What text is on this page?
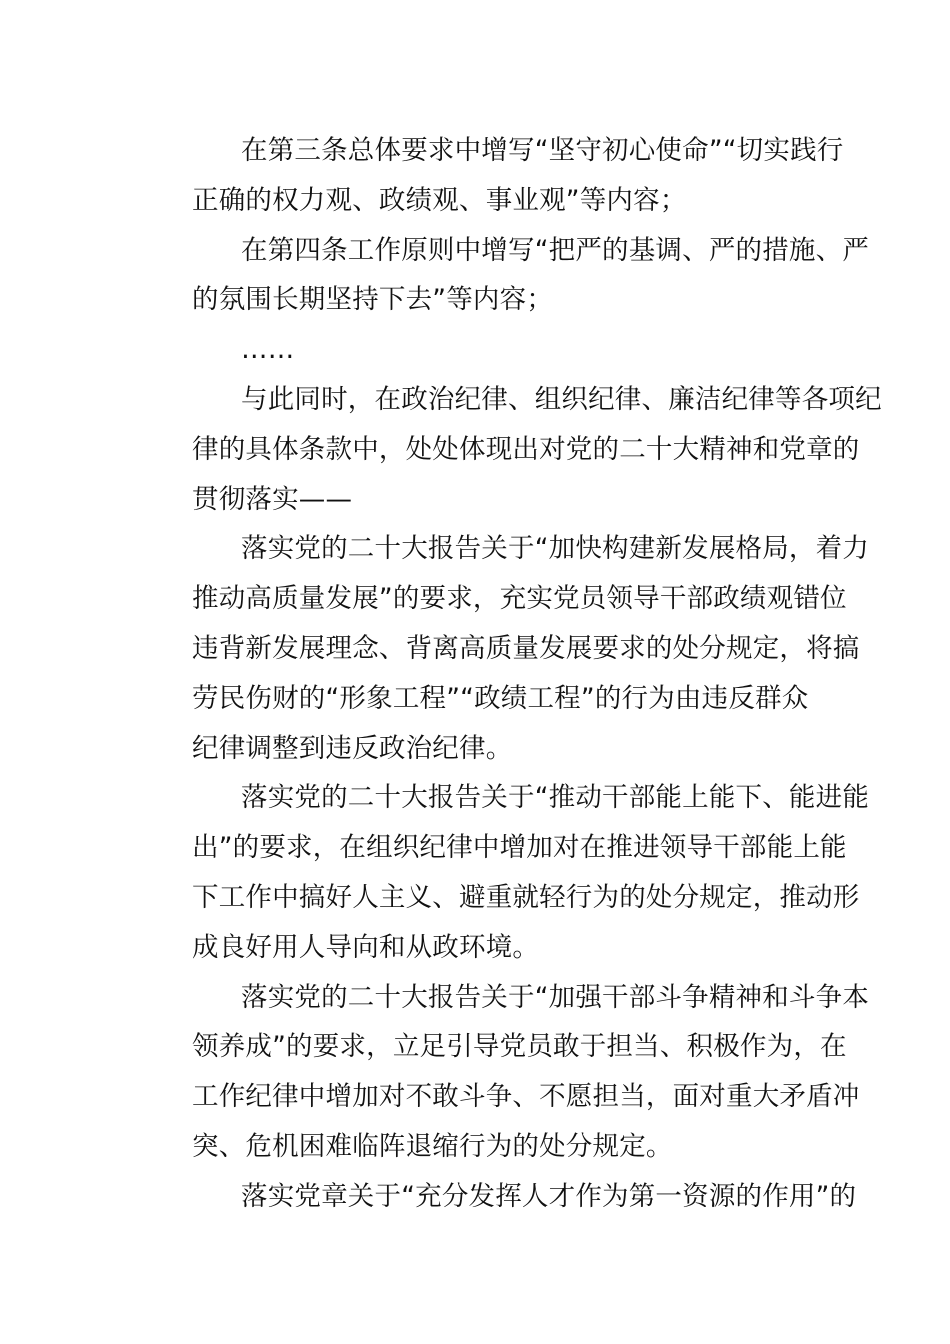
在第三条总体要求中增写“坚守初心使命”“切实践行
正确的权力观、政绩观、事业观”等内容；

在第四条工作原则中增写“把严的基调、严的措施、严
的氛围长期坚持下去”等内容；

……

与此同时，在政治纪律、组织纪律、廉洁纪律等各项纪
律的具体条款中，处处体现出对党的二十大精神和党章的
贯彻落实——

落实党的二十大报告关于“加快构建新发展格局，着力
推动高质量发展”的要求，充实党员领导干部政绩观错位
违背新发展理念、背离高质量发展要求的处分规定，将搞
劳民伤财的“形象工程”“政绩工程”的行为由违反群众
纪律调整到违反政治纪律。

落实党的二十大报告关于“推动干部能上能下、能进能
出”的要求，在组织纪律中增加对在推进领导干部能上能
下工作中搞好人主义、避重就轻行为的处分规定，推动形
成良好用人导向和从政环境。

落实党的二十大报告关于“加强干部斗争精神和斗争本
领养成”的要求，立足引导党员敢于担当、积极作为，在
工作纪律中增加对不敢斗争、不愿担当，面对重大矛盾冲
突、危机困难临阵退缩行为的处分规定。

落实党章关于“充分发挥人才作为第一资源的作用”的
